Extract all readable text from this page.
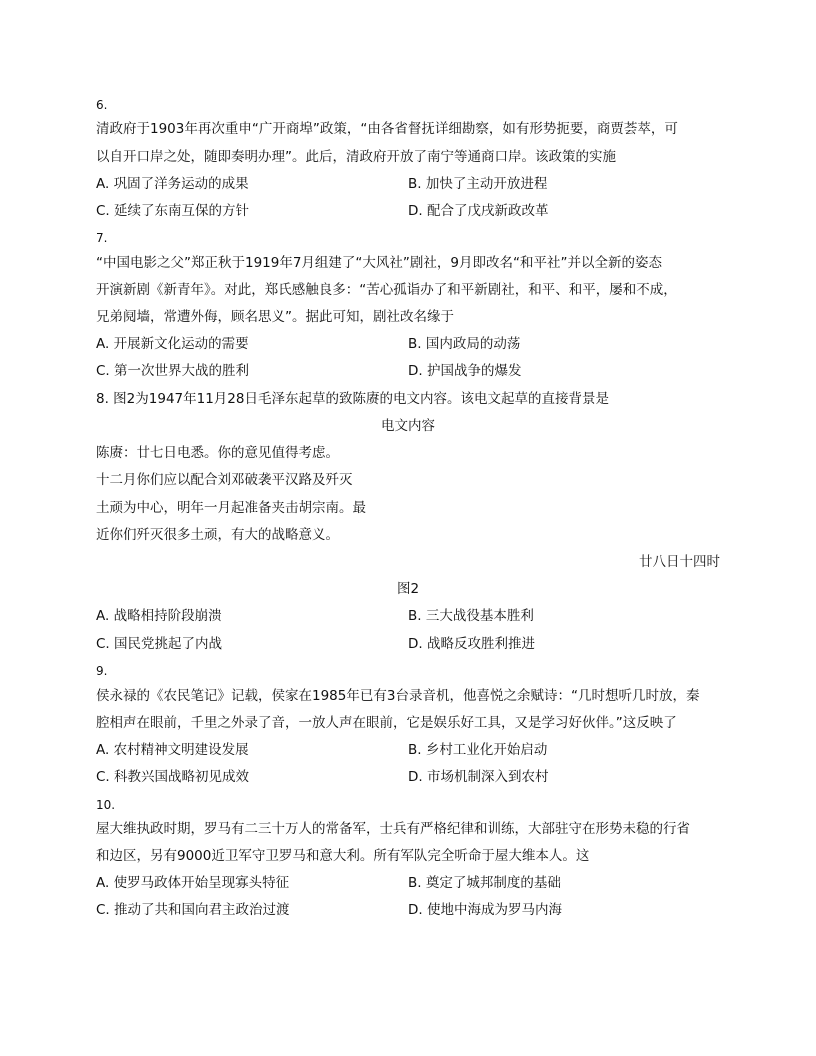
6.
清政府于1903年再次重申“广开商埠”政策，“由各省督抚详细勘察，如有形势扼要，商贾荟萃，可
以自开口岸之处，随即奏明办理”。此后，清政府开放了南宁等通商口岸。该政策的实施
A. 巩固了洋务运动的成果	B. 加快了主动开放进程
C. 延续了东南互保的方针	D. 配合了戊戌新政改革
7.
“中国电影之父”郑正秋于1919年7月组建了“大风社”剧社，9月即改名“和平社”并以全新的姿态
开演新剧《新青年》。对此，郑氏感触良多：“苦心孤诣办了和平新剧社，和平、和平，屡和不成，
兄弟阋墙，常遭外侮，顾名思义”。据此可知，剧社改名缘于
A. 开展新文化运动的需要	B. 国内政局的动荡
C. 第一次世界大战的胜利	D. 护国战争的爆发
8. 图2为1947年11月28日毛泽东起草的致陈赓的电文内容。该电文起草的直接背景是
电文内容
陈赓：廿七日电悉。你的意见值得考虑。
十二月你们应以配合刘邓破袭平汉路及歼灭
土顽为中心，明年一月起准备夹击胡宗南。最
近你们歼灭很多土顽，有大的战略意义。
廿八日十四时
图2
A. 战略相持阶段崩溃	B. 三大战役基本胜利
C. 国民党挑起了内战	D. 战略反攻胜利推进
9.
侯永禄的《农民笔记》记载，侯家在1985年已有3台录音机，他喜悦之余赋诗：“几时想听几时放，秦
腔相声在眼前，千里之外录了音，一放人声在眼前，它是娱乐好工具，又是学习好伙伴。”这反映了
A. 农村精神文明建设发展	B. 乡村工业化开始启动
C. 科教兴国战略初见成效	D. 市场机制深入到农村
10.
屋大维执政时期，罗马有二三十万人的常备军，士兵有严格纪律和训练，大部驻守在形势未稳的行省
和边区，另有9000近卫军守卫罗马和意大利。所有军队完全听命于屋大维本人。这
A. 使罗马政体开始呈现寡头特征	B. 奠定了城邦制度的基础
C. 推动了共和国向君主政治过渡	D. 使地中海成为罗马内海
